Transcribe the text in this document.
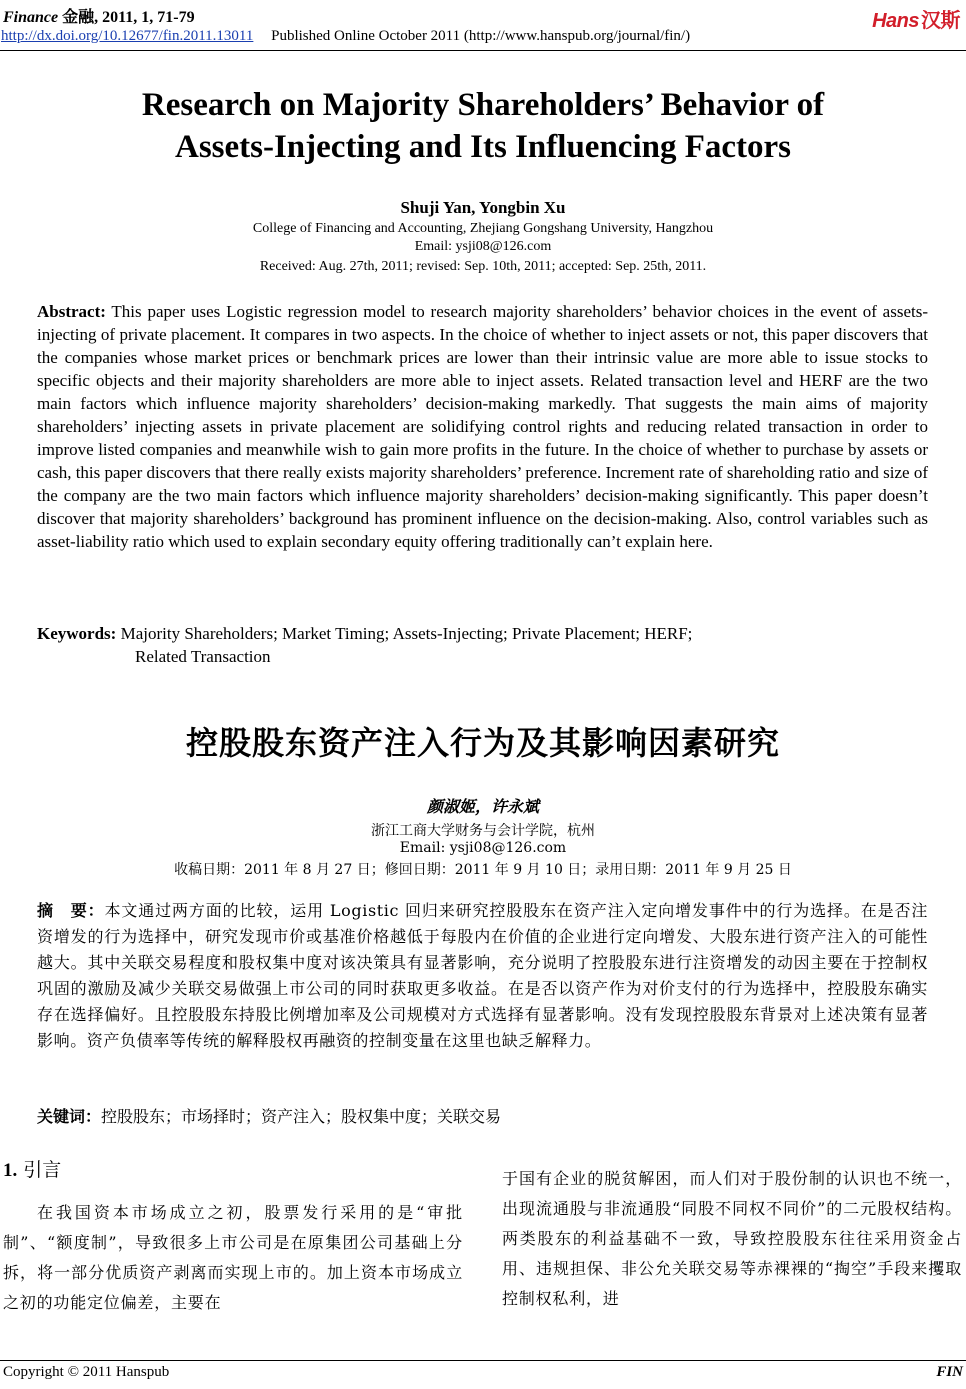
Finance 金融, 2011, 1, 71-79
http://dx.doi.org/10.12677/fin.2011.13011 Published Online October 2011 (http://www.hanspub.org/journal/fin/)
Hans 汉斯
Research on Majority Shareholders’ Behavior of
Assets-Injecting and Its Influencing Factors
Shuji Yan, Yongbin Xu
College of Financing and Accounting, Zhejiang Gongshang University, Hangzhou
Email: ysji08@126.com
Received: Aug. 27th, 2011; revised: Sep. 10th, 2011; accepted: Sep. 25th, 2011.

Abstract: This paper uses Logistic regression model to research majority shareholders’ behavior choices in the event of assets-injecting of private placement. It compares in two aspects. In the choice of whether to inject assets or not, this paper discovers that the companies whose market prices or benchmark prices are lower than their intrinsic value are more able to issue stocks to specific objects and their majority shareholders are more able to inject assets. Related transaction level and HERF are the two main factors which influence majority shareholders’ decision-making markedly. That suggests the main aims of majority shareholders’ injecting assets in private placement are solidifying control rights and reducing related transaction in order to improve listed companies and meanwhile wish to gain more profits in the future. In the choice of whether to purchase by assets or cash, this paper discovers that there really exists majority shareholders’ preference. Increment rate of shareholding ratio and size of the company are the two main factors which influence majority shareholders’ decision-making significantly. This paper doesn’t discover that majority shareholders’ background has prominent influence on the decision-making. Also, control variables such as asset-liability ratio which used to explain secondary equity offering traditionally can’t explain here.

Keywords: Majority Shareholders; Market Timing; Assets-Injecting; Private Placement; HERF;
Related Transaction
控股股东资产注入行为及其影响因素研究
颜淑姬，许永斌
浙江工商大学财务与会计学院，杭州
Email: ysji08@126.com
收稿日期：2011 年 8 月 27 日；修回日期：2011 年 9 月 10 日；录用日期：2011 年 9 月 25 日

摘　要：本文通过两方面的比较，运用 Logistic 回归来研究控股股东在资产注入定向增发事件中的行为选择。在是否注资增发的行为选择中，研究发现市价或基准价格越低于每股内在价值的企业进行定向增发、大股东进行资产注入的可能性越大。其中关联交易程度和股权集中度对该决策具有显著影响，充分说明了控股股东进行注资增发的动因主要在于控制权巩固的激励及减少关联交易做强上市公司的同时获取更多收益。在是否以资产作为对价支付的行为选择中，控股股东确实存在选择偏好。且控股股东持股比例增加率及公司规模对方式选择有显著影响。没有发现控股股东背景对上述决策有显著影响。资产负债率等传统的解释股权再融资的控制变量在这里也缺乏解释力。

关键词：控股股东；市场择时；资产注入；股权集中度；关联交易
1. 引言

在我国资本市场成立之初，股票发行采用的是“审批制”、“额度制”，导致很多上市公司是在原集团公司基础上分拆，将一部分优质资产剥离而实现上市的。加上资本市场成立之初的功能定位偏差，主要在

于国有企业的脱贫解困，而人们对于股份制的认识也不统一，出现流通股与非流通股“同股不同权不同价”的二元股权结构。两类股东的利益基础不一致，导致控股股东往往采用资金占用、违规担保、非公允关联交易等赤裸裸的“掏空”手段来攫取控制权私利，进

Copyright © 2011 Hanspub	FIN
